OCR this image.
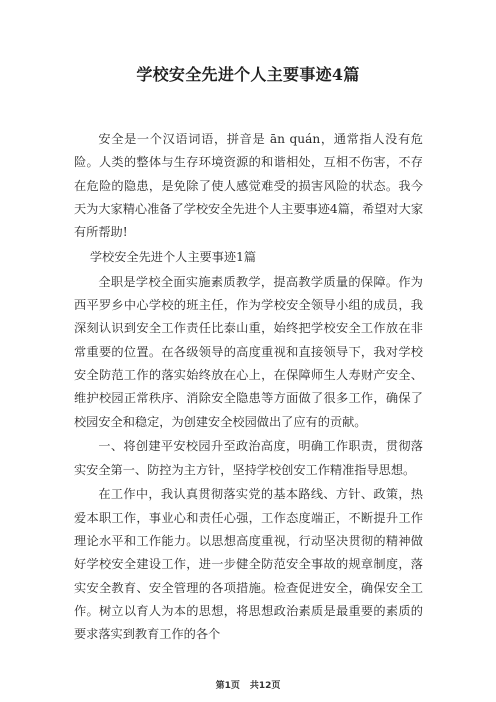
学校安全先进个人主要事迹4篇

安全是一个汉语词语，拼音是 ān quán，通常指人没有危险。人类的整体与生存环境资源的和谐相处，互相不伤害，不存在危险的隐患，是免除了使人感觉难受的损害风险的状态。我今天为大家精心准备了学校安全先进个人主要事迹4篇，希望对大家有所帮助!

学校安全先进个人主要事迹1篇

全职是学校全面实施素质教学，提高教学质量的保障。作为西平罗乡中心学校的班主任，作为学校安全领导小组的成员，我深刻认识到安全工作责任比泰山重，始终把学校安全工作放在非常重要的位置。在各级领导的高度重视和直接领导下，我对学校安全防范工作的落实始终放在心上，在保障师生人寿财产安全、维护校园正常秩序、消除安全隐患等方面做了很多工作，确保了校园安全和稳定，为创建安全校园做出了应有的贡献。

一、将创建平安校园升至政治高度，明确工作职责，贯彻落实安全第一、防控为主方针，坚持学校创安工作精准指导思想。

在工作中，我认真贯彻落实党的基本路线、方针、政策，热爱本职工作，事业心和责任心强，工作态度端正，不断提升工作理论水平和工作能力。以思想高度重视，行动坚决贯彻的精神做好学校安全建设工作，进一步健全防范安全事故的规章制度，落实安全教育、安全管理的各项措施。检查促进安全，确保安全工作。树立以育人为本的思想，将思想政治素质是最重要的素质的要求落实到教育工作的各个

第1页 共12页
